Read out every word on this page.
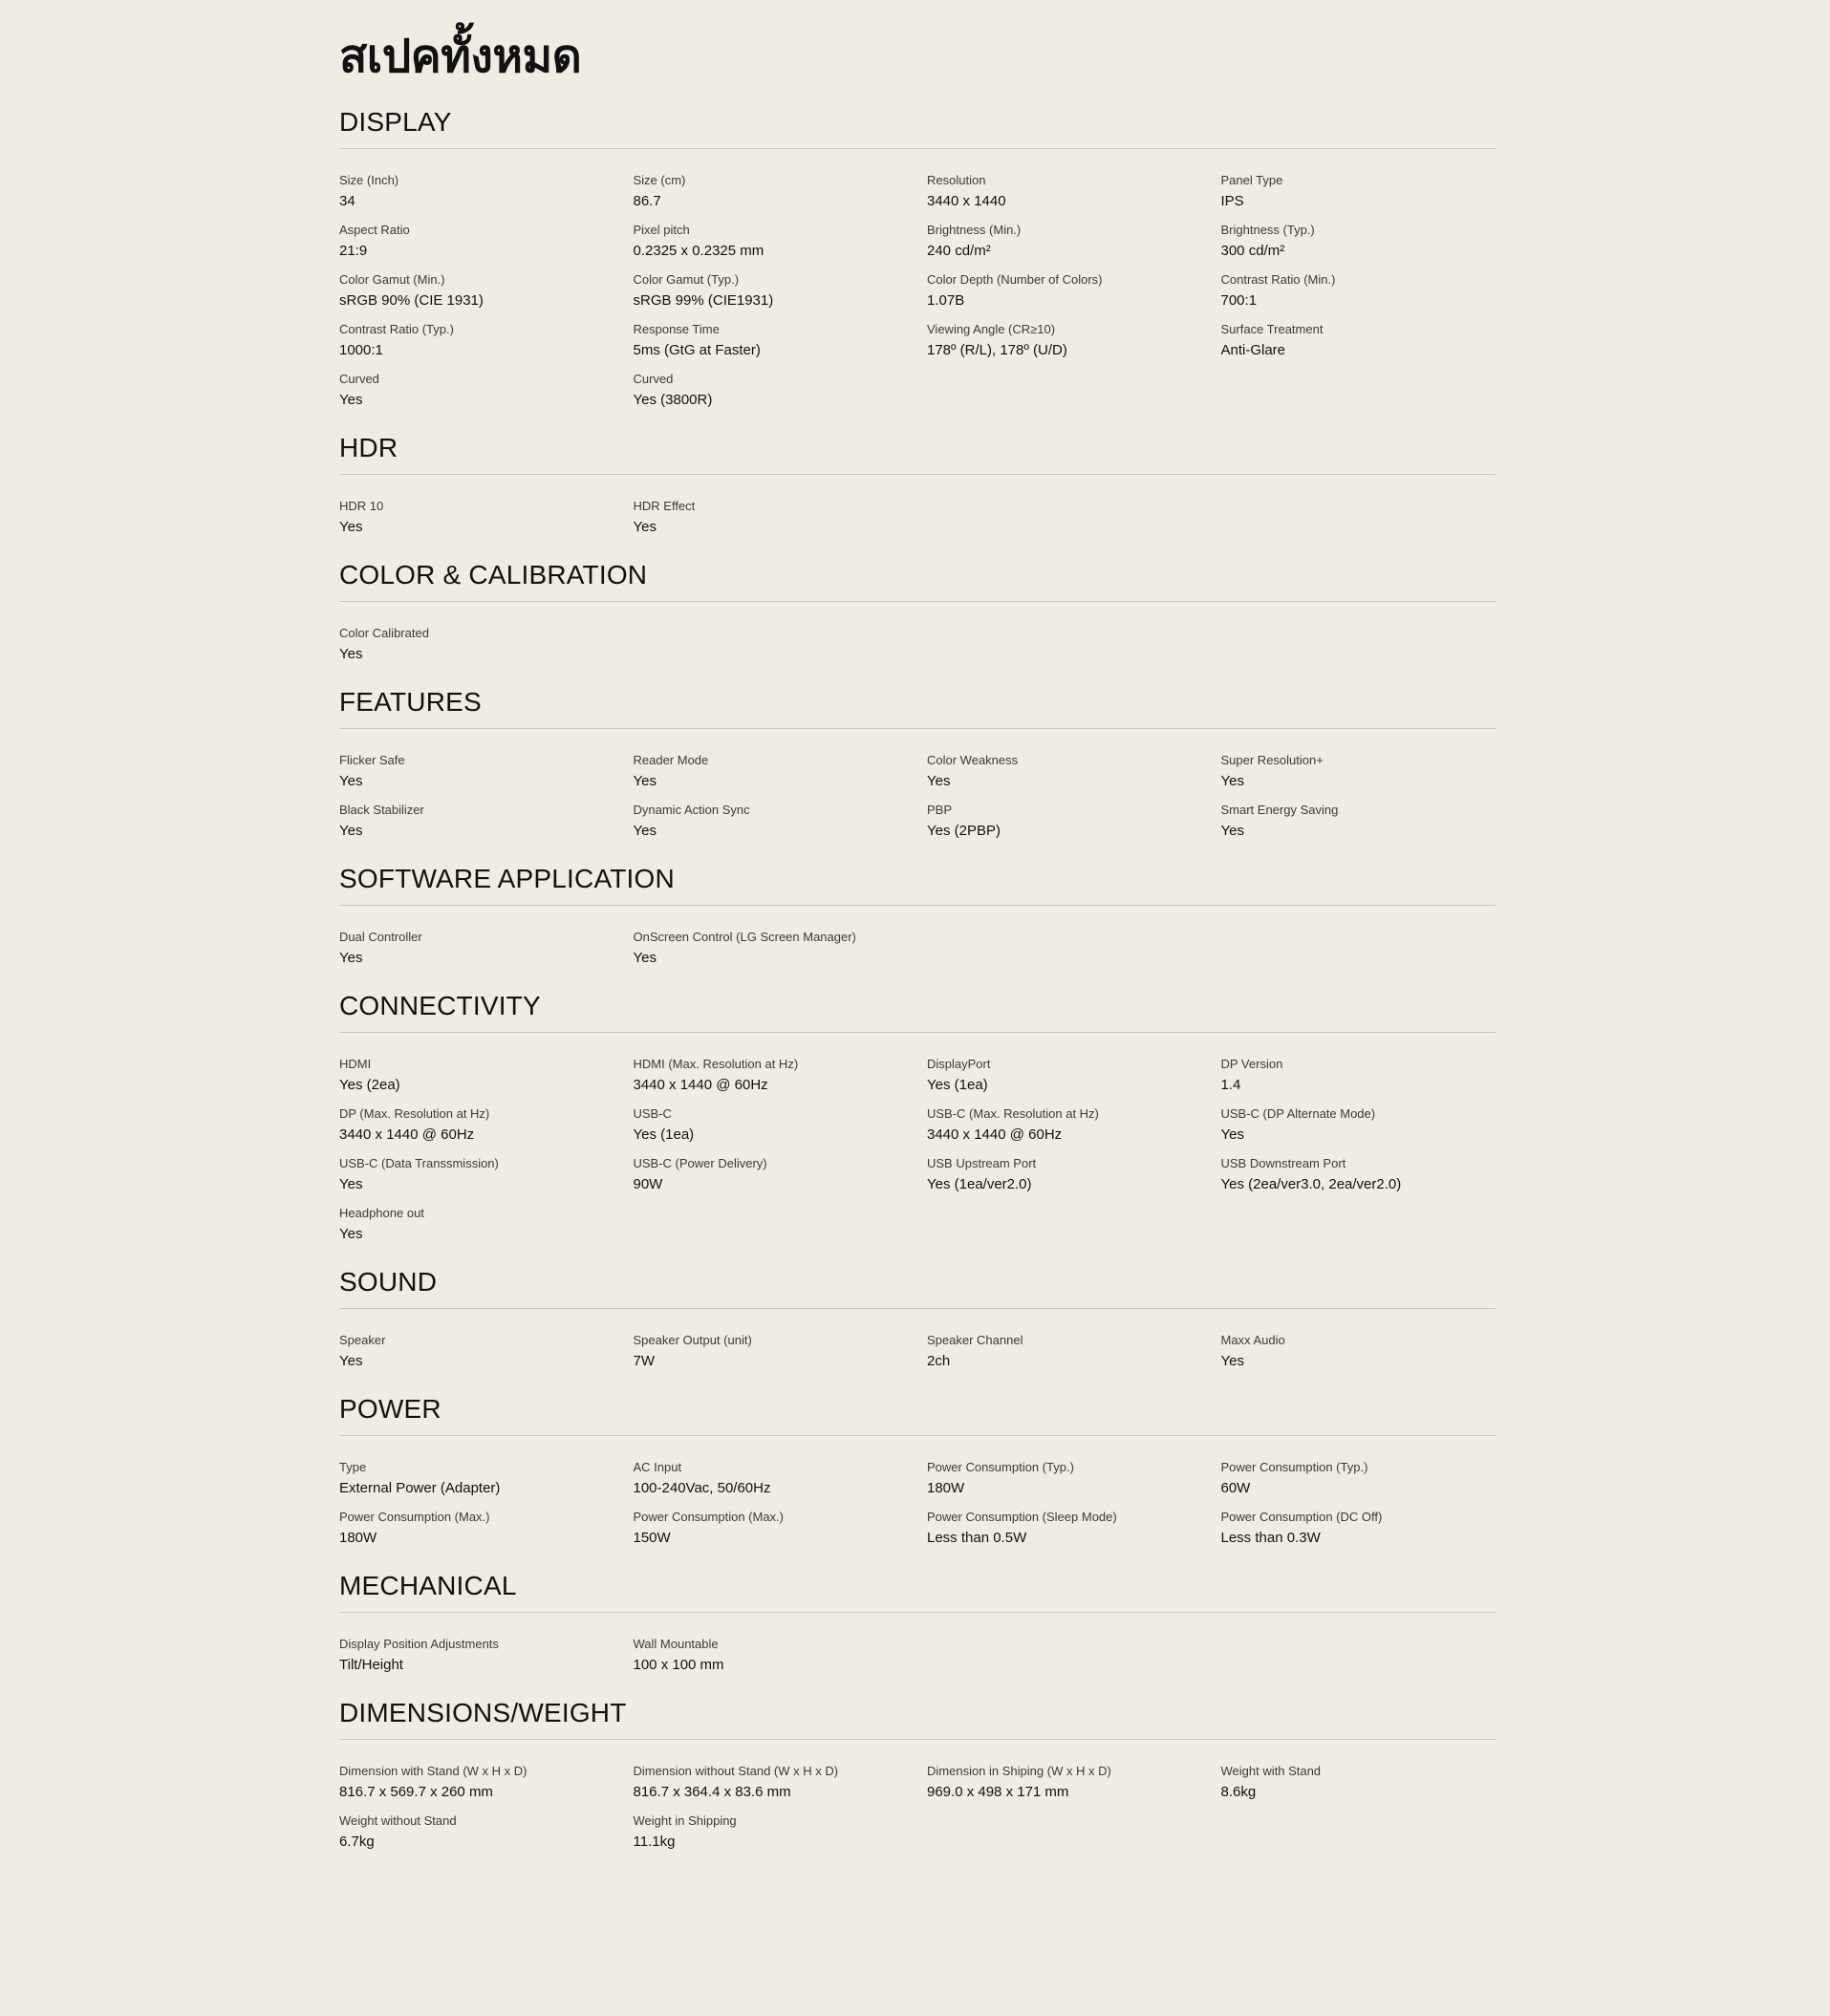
สเปคทั้งหมด
DISPLAY
Size (Inch)
34
Size (cm)
86.7
Resolution
3440 x 1440
Panel Type
IPS
Aspect Ratio
21:9
Pixel pitch
0.2325 x 0.2325 mm
Brightness (Min.)
240 cd/m²
Brightness (Typ.)
300 cd/m²
Color Gamut (Min.)
sRGB 90% (CIE 1931)
Color Gamut (Typ.)
sRGB 99% (CIE1931)
Color Depth (Number of Colors)
1.07B
Contrast Ratio (Min.)
700:1
Contrast Ratio (Typ.)
1000:1
Response Time
5ms (GtG at Faster)
Viewing Angle (CR≥10)
178º (R/L), 178º (U/D)
Surface Treatment
Anti-Glare
Curved
Yes
Curved
Yes (3800R)
HDR
HDR 10
Yes
HDR Effect
Yes
COLOR & CALIBRATION
Color Calibrated
Yes
FEATURES
Flicker Safe
Yes
Reader Mode
Yes
Color Weakness
Yes
Super Resolution+
Yes
Black Stabilizer
Yes
Dynamic Action Sync
Yes
PBP
Yes (2PBP)
Smart Energy Saving
Yes
SOFTWARE APPLICATION
Dual Controller
Yes
OnScreen Control (LG Screen Manager)
Yes
CONNECTIVITY
HDMI
Yes (2ea)
HDMI (Max. Resolution at Hz)
3440 x 1440 @ 60Hz
DisplayPort
Yes (1ea)
DP Version
1.4
DP (Max. Resolution at Hz)
3440 x 1440 @ 60Hz
USB-C
Yes (1ea)
USB-C (Max. Resolution at Hz)
3440 x 1440 @ 60Hz
USB-C (DP Alternate Mode)
Yes
USB-C (Data Transsmission)
Yes
USB-C (Power Delivery)
90W
USB Upstream Port
Yes (1ea/ver2.0)
USB Downstream Port
Yes (2ea/ver3.0, 2ea/ver2.0)
Headphone out
Yes
SOUND
Speaker
Yes
Speaker Output (unit)
7W
Speaker Channel
2ch
Maxx Audio
Yes
POWER
Type
External Power (Adapter)
AC Input
100-240Vac, 50/60Hz
Power Consumption (Typ.)
180W
Power Consumption (Typ.)
60W
Power Consumption (Max.)
180W
Power Consumption (Max.)
150W
Power Consumption (Sleep Mode)
Less than 0.5W
Power Consumption (DC Off)
Less than 0.3W
MECHANICAL
Display Position Adjustments
Tilt/Height
Wall Mountable
100 x 100 mm
DIMENSIONS/WEIGHT
Dimension with Stand (W x H x D)
816.7 x 569.7 x 260 mm
Dimension without Stand (W x H x D)
816.7 x 364.4 x 83.6 mm
Dimension in Shiping (W x H x D)
969.0 x 498 x 171 mm
Weight with Stand
8.6kg
Weight without Stand
6.7kg
Weight in Shipping
11.1kg
